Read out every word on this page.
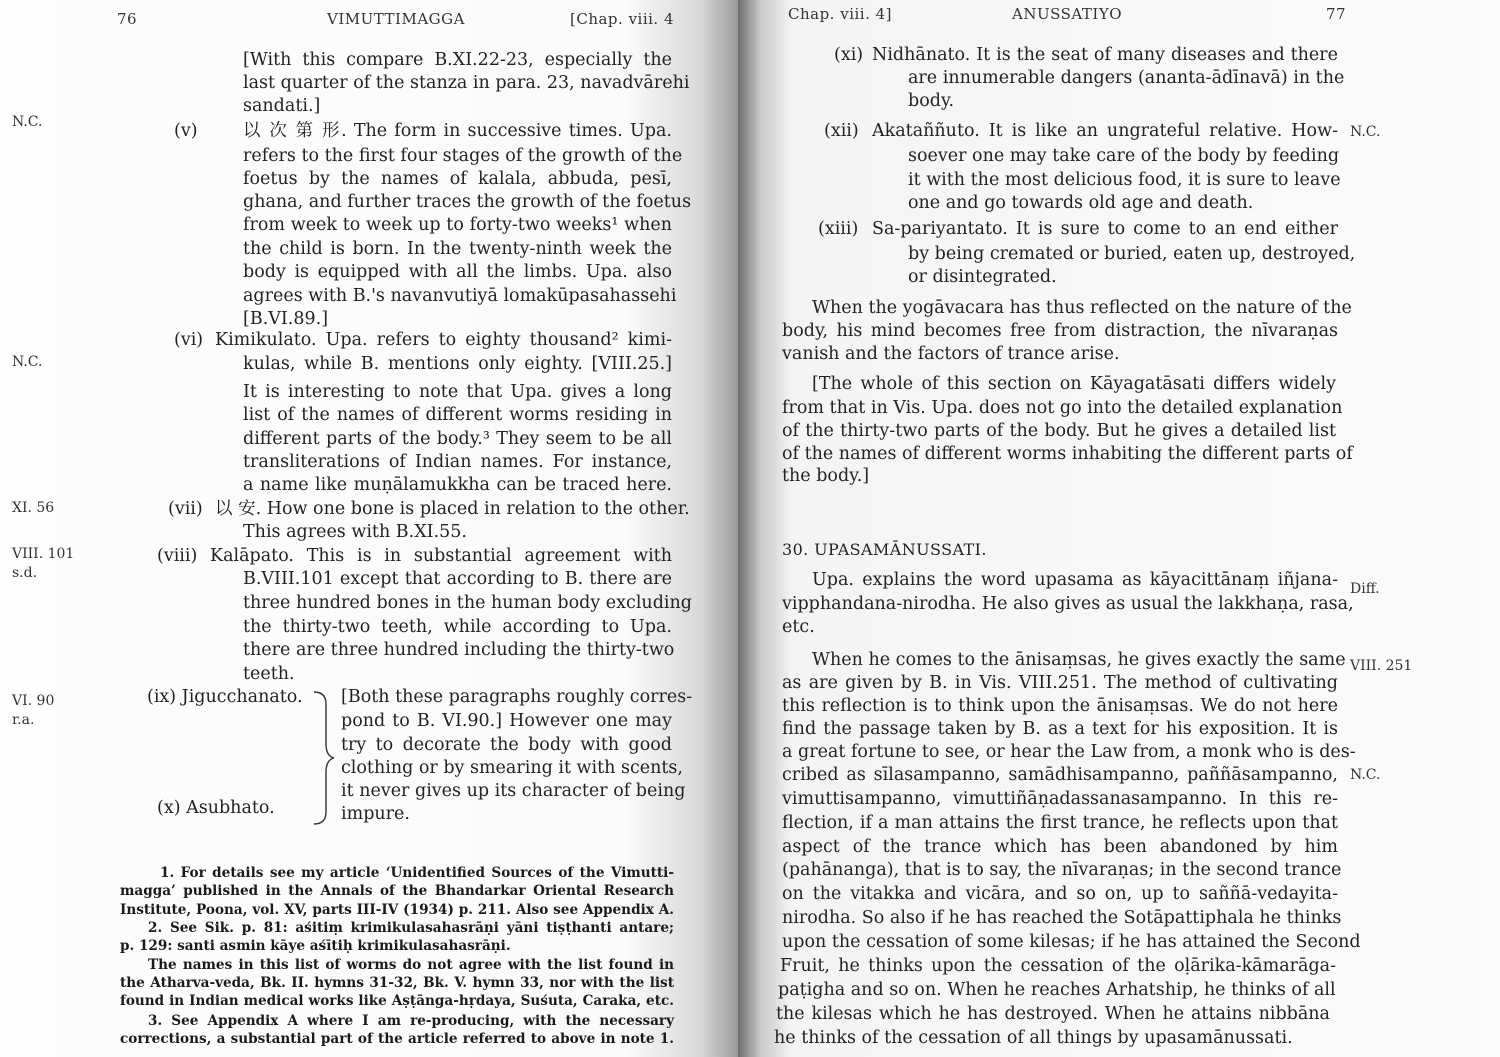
76	VIMUTTIMAGGA	[Chap. viii. 4
N.C.
N.C.
XI. 56
VIII. 101
s.d.
VI. 90
r.a.
(v)
(vi)
(vii)
(viii)
(ix) Jigucchanato.
(x) Asubhato.
[With this compare B.XI.22-23, especially the
last quarter of the stanza in para. 23, navadvārehi
sandati.]
以 次 第 形. The form in successive times. Upa.
refers to the first four stages of the growth of the
foetus by the names of kalala, abbuda, pesī,
ghana, and further traces the growth of the foetus
from week to week up to forty-two weeks¹ when
the child is born. In the twenty-ninth week the
body is equipped with all the limbs. Upa. also
agrees with B.'s navanvutiyā lomakūpasahassehi
[B.VI.89.]
Kimikulato. Upa. refers to eighty thousand² kimi-
kulas, while B. mentions only eighty. [VIII.25.]
It is interesting to note that Upa. gives a long
list of the names of different worms residing in
different parts of the body.³ They seem to be all
transliterations of Indian names. For instance,
a name like muṇālamukkha can be traced here.
以 安. How one bone is placed in relation to the other.
This agrees with B.XI.55.
Kalāpato. This is in substantial agreement with
B.VIII.101 except that according to B. there are
three hundred bones in the human body excluding
the thirty-two teeth, while according to Upa.
there are three hundred including the thirty-two
teeth.
[Both these paragraphs roughly corres-
pond to B. VI.90.] However one may
try to decorate the body with good
clothing or by smearing it with scents,
it never gives up its character of being
impure.
1. For details see my article ‘Unidentified Sources of the Vimutti-
magga’ published in the Annals of the Bhandarkar Oriental Research
Institute, Poona, vol. XV, parts III-IV (1934) p. 211. Also see Appendix A.
2. See Sik. p. 81: aśitiṃ krimikulasahasrāṇi yāni tiṣṭhanti antare;
p. 129: santi asmin kāye aśītiḥ krimikulasahasrāṇi.
The names in this list of worms do not agree with the list found in
the Atharva-veda, Bk. II. hymns 31-32, Bk. V. hymn 33, nor with the list
found in Indian medical works like Aṣṭānga-hṛdaya, Suśuta, Caraka, etc.
3. See Appendix A where I am re-producing, with the necessary
corrections, a substantial part of the article referred to above in note 1.
Chap. viii. 4]	ANUSSATIYO	77
N.C.
Diff.
VIII. 251
N.C.
(xi)
(xii)
(xiii)
Nidhānato. It is the seat of many diseases and there
are innumerable dangers (ananta-ādīnavā) in the
body.
Akataññuto. It is like an ungrateful relative. How-
soever one may take care of the body by feeding
it with the most delicious food, it is sure to leave
one and go towards old age and death.
Sa-pariyantato. It is sure to come to an end either
by being cremated or buried, eaten up, destroyed,
or disintegrated.
When the yogāvacara has thus reflected on the nature of the
body, his mind becomes free from distraction, the nīvaraṇas
vanish and the factors of trance arise.
[The whole of this section on Kāyagatāsati differs widely
from that in Vis. Upa. does not go into the detailed explanation
of the thirty-two parts of the body. But he gives a detailed list
of the names of different worms inhabiting the different parts of
the body.]
30. UPASAMĀNUSSATI.
Upa. explains the word upasama as kāyacittānaṃ iñjana-
vipphandana-nirodha. He also gives as usual the lakkhaṇa, rasa,
etc.
When he comes to the ānisaṃsas, he gives exactly the same
as are given by B. in Vis. VIII.251. The method of cultivating
this reflection is to think upon the ānisaṃsas. We do not here
find the passage taken by B. as a text for his exposition. It is
a great fortune to see, or hear the Law from, a monk who is des-
cribed as sīlasampanno, samādhisampanno, paññāsampanno,
vimuttisampanno, vimuttiñāṇadassanasampanno. In this re-
flection, if a man attains the first trance, he reflects upon that
aspect of the trance which has been abandoned by him
(pahānanga), that is to say, the nīvaraṇas; in the second trance
on the vitakka and vicāra, and so on, up to saññā-vedayita-
nirodha. So also if he has reached the Sotāpattiphala he thinks
upon the cessation of some kilesas; if he has attained the Second
Fruit, he thinks upon the cessation of the oḷārika-kāmarāga-
paṭigha and so on. When he reaches Arhatship, he thinks of all
the kilesas which he has destroyed. When he attains nibbāna
he thinks of the cessation of all things by upasamānussati.
